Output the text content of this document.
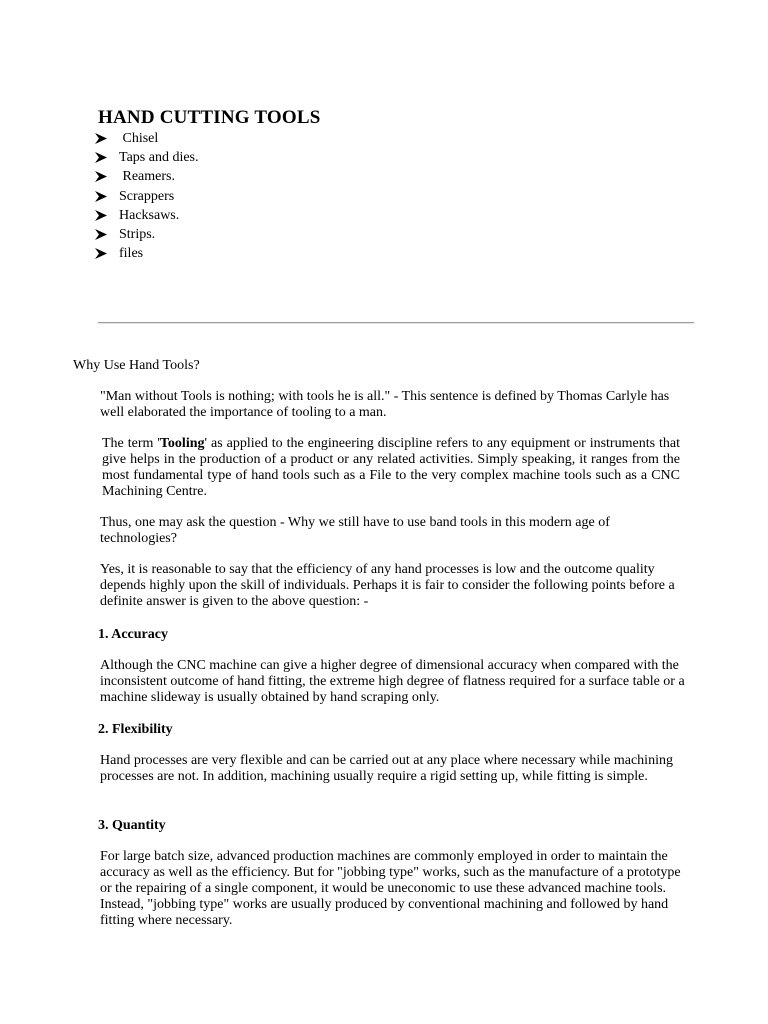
HAND CUTTING TOOLS
Chisel
Taps and dies.
Reamers.
Scrappers
Hacksaws.
Strips.
files

Why Use Hand Tools?

"Man without Tools is nothing; with tools he is all." - This sentence is defined by Thomas Carlyle has well elaborated the importance of tooling to a man.

The term 'Tooling' as applied to the engineering discipline refers to any equipment or instruments that give helps in the production of a product or any related activities. Simply speaking, it ranges from the most fundamental type of hand tools such as a File to the very complex machine tools such as a CNC Machining Centre.

Thus, one may ask the question - Why we still have to use band tools in this modern age of technologies?

Yes, it is reasonable to say that the efficiency of any hand processes is low and the outcome quality depends highly upon the skill of individuals. Perhaps it is fair to consider the following points before a definite answer is given to the above question: -

1. Accuracy

Although the CNC machine can give a higher degree of dimensional accuracy when compared with the inconsistent outcome of hand fitting, the extreme high degree of flatness required for a surface table or a machine slideway is usually obtained by hand scraping only.

2. Flexibility

Hand processes are very flexible and can be carried out at any place where necessary while machining processes are not. In addition, machining usually require a rigid setting up, while fitting is simple.

3. Quantity

For large batch size, advanced production machines are commonly employed in order to maintain the accuracy as well as the efficiency. But for "jobbing type" works, such as the manufacture of a prototype or the repairing of a single component, it would be uneconomic to use these advanced machine tools. Instead, "jobbing type" works are usually produced by conventional machining and followed by hand fitting where necessary.
